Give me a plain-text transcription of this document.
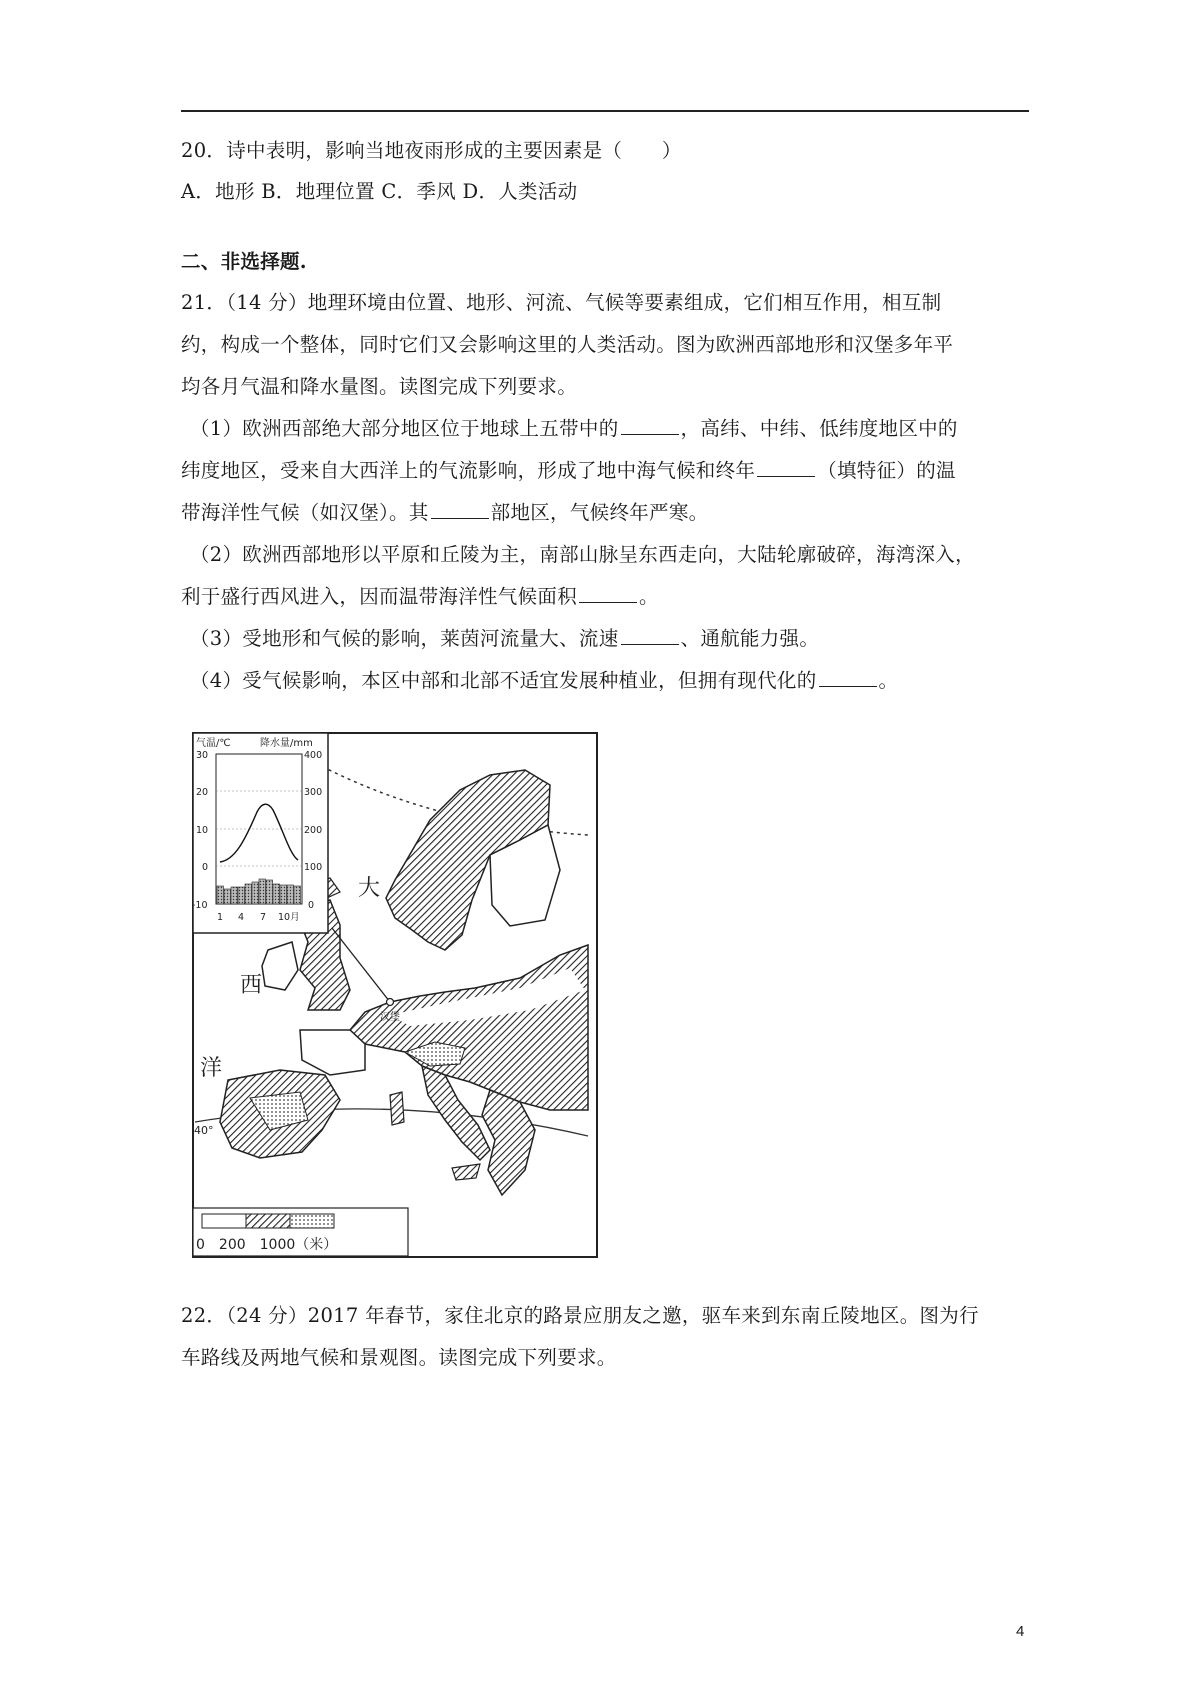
20．诗中表明，影响当地夜雨形成的主要因素是（　　）
A．地形 B．地理位置 C．季风 D．人类活动
二、非选择题.
21．（14 分）地理环境由位置、地形、河流、气候等要素组成，它们相互作用，相互制
约，构成一个整体，同时它们又会影响这里的人类活动。图为欧洲西部地形和汉堡多年平
均各月气温和降水量图。读图完成下列要求。
（1）欧洲西部绝大部分地区位于地球上五带中的	，高纬、中纬、低纬度地区中的
纬度地区，受来自大西洋上的气流影响，形成了地中海气候和终年	（填特征）的温
带海洋性气候（如汉堡）。其	部地区，气候终年严寒。
（2）欧洲西部地形以平原和丘陵为主，南部山脉呈东西走向，大陆轮廓破碎，海湾深入，
利于盛行西风进入，因而温带海洋性气候面积	。
（3）受地形和气候的影响，莱茵河流量大、流速	、通航能力强。
（4）受气候影响，本区中部和北部不适宜发展种植业，但拥有现代化的	。
汉堡
大
西
洋
40°
气温/℃	降水量/mm
30
20
10
0
-10
400
300
200
100
0
1 4 7 10月
0　200　1000（米）
22．（24 分）2017 年春节，家住北京的路景应朋友之邀，驱车来到东南丘陵地区。图为行
车路线及两地气候和景观图。读图完成下列要求。
4
